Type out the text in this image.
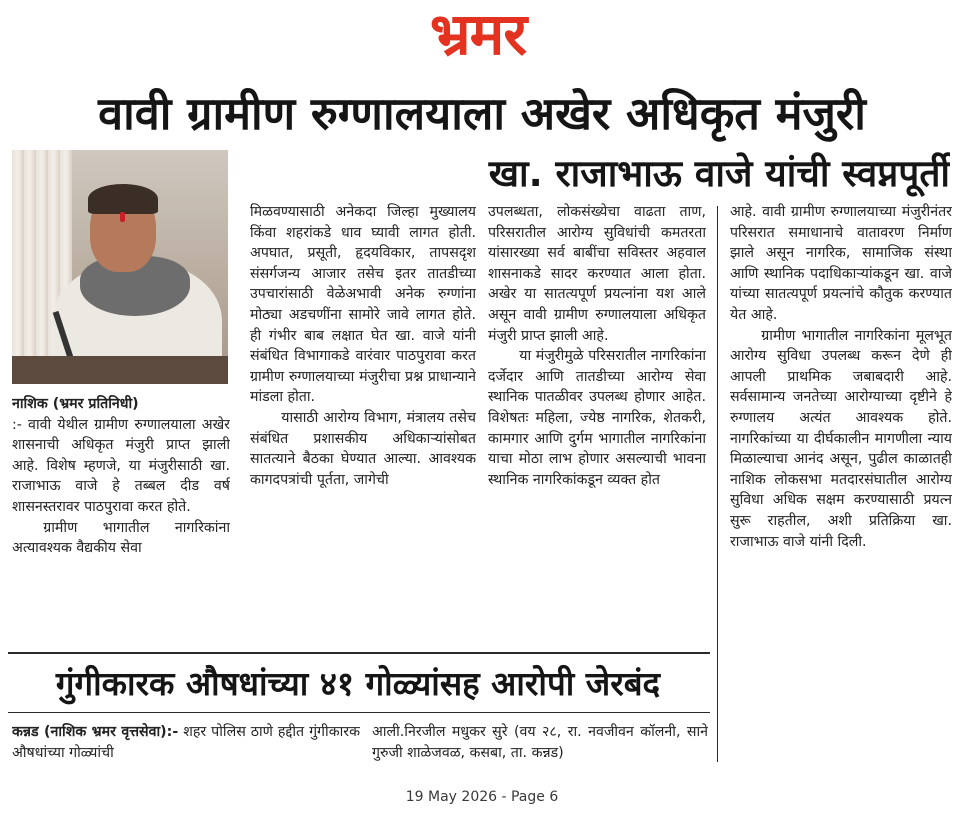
भ्रमर
वावी ग्रामीण रुग्णालयाला अखेर अधिकृत मंजुरी
खा. राजाभाऊ वाजे यांची स्वप्नपूर्ती

नाशिक (भ्रमर प्रतिनिधी)

:- वावी येथील ग्रामीण रुग्णालयाला अखेर शासनाची अधिकृत मंजुरी प्राप्त झाली आहे. विशेष म्हणजे, या मंजुरीसाठी खा. राजाभाऊ वाजे हे तब्बल दीड वर्ष शासनस्तरावर पाठपुरावा करत होते.

ग्रामीण भागातील नागरिकांना अत्यावश्यक वैद्यकीय सेवा

मिळवण्यासाठी अनेकदा जिल्हा मुख्यालय किंवा शहरांकडे धाव घ्यावी लागत होती. अपघात, प्रसूती, हृदयविकार, तापसदृश संसर्गजन्य आजार तसेच इतर तातडीच्या उपचारांसाठी वेळेअभावी अनेक रुग्णांना मोठ्या अडचणींना सामोरे जावे लागत होते. ही गंभीर बाब लक्षात घेत खा. वाजे यांनी संबंधित विभागाकडे वारंवार पाठपुरावा करत ग्रामीण रुग्णालयाच्या मंजुरीचा प्रश्न प्राधान्याने मांडला होता.

यासाठी आरोग्य विभाग, मंत्रालय तसेच संबंधित प्रशासकीय अधिकाऱ्यांसोबत सातत्याने बैठका घेण्यात आल्या. आवश्यक कागदपत्रांची पूर्तता, जागेची

उपलब्धता, लोकसंख्येचा वाढता ताण, परिसरातील आरोग्य सुविधांची कमतरता यांसारख्या सर्व बाबींचा सविस्तर अहवाल शासनाकडे सादर करण्यात आला होता. अखेर या सातत्यपूर्ण प्रयत्नांना यश आले असून वावी ग्रामीण रुग्णालयाला अधिकृत मंजुरी प्राप्त झाली आहे.

या मंजुरीमुळे परिसरातील नागरिकांना दर्जेदार आणि तातडीच्या आरोग्य सेवा स्थानिक पातळीवर उपलब्ध होणार आहेत. विशेषतः महिला, ज्येष्ठ नागरिक, शेतकरी, कामगार आणि दुर्गम भागातील नागरिकांना याचा मोठा लाभ होणार असल्याची भावना स्थानिक नागरिकांकडून व्यक्त होत

आहे. वावी ग्रामीण रुग्णालयाच्या मंजुरीनंतर परिसरात समाधानाचे वातावरण निर्माण झाले असून नागरिक, सामाजिक संस्था आणि स्थानिक पदाधिकाऱ्यांकडून खा. वाजे यांच्या सातत्यपूर्ण प्रयत्नांचे कौतुक करण्यात येत आहे.

ग्रामीण भागातील नागरिकांना मूलभूत आरोग्य सुविधा उपलब्ध करून देणे ही आपली प्राथमिक जबाबदारी आहे. सर्वसामान्य जनतेच्या आरोग्याच्या दृष्टीने हे रुग्णालय अत्यंत आवश्यक होते. नागरिकांच्या या दीर्घकालीन मागणीला न्याय मिळाल्याचा आनंद असून, पुढील काळातही नाशिक लोकसभा मतदारसंघातील आरोग्य सुविधा अधिक सक्षम करण्यासाठी प्रयत्न सुरू राहतील, अशी प्रतिक्रिया खा. राजाभाऊ वाजे यांनी दिली.

गुंगीकारक औषधांच्या ४१ गोळ्यांसह आरोपी जेरबंद

कन्नड (नाशिक भ्रमर वृत्तसेवा):- शहर पोलिस ठाणे हद्दीत गुंगीकारक औषधांच्या गोळ्यांची

आली.निरजील मधुकर सुरे (वय २८, रा. नवजीवन कॉलनी, साने गुरुजी शाळेजवळ, कसबा, ता. कन्नड)

19 May 2026 - Page 6
